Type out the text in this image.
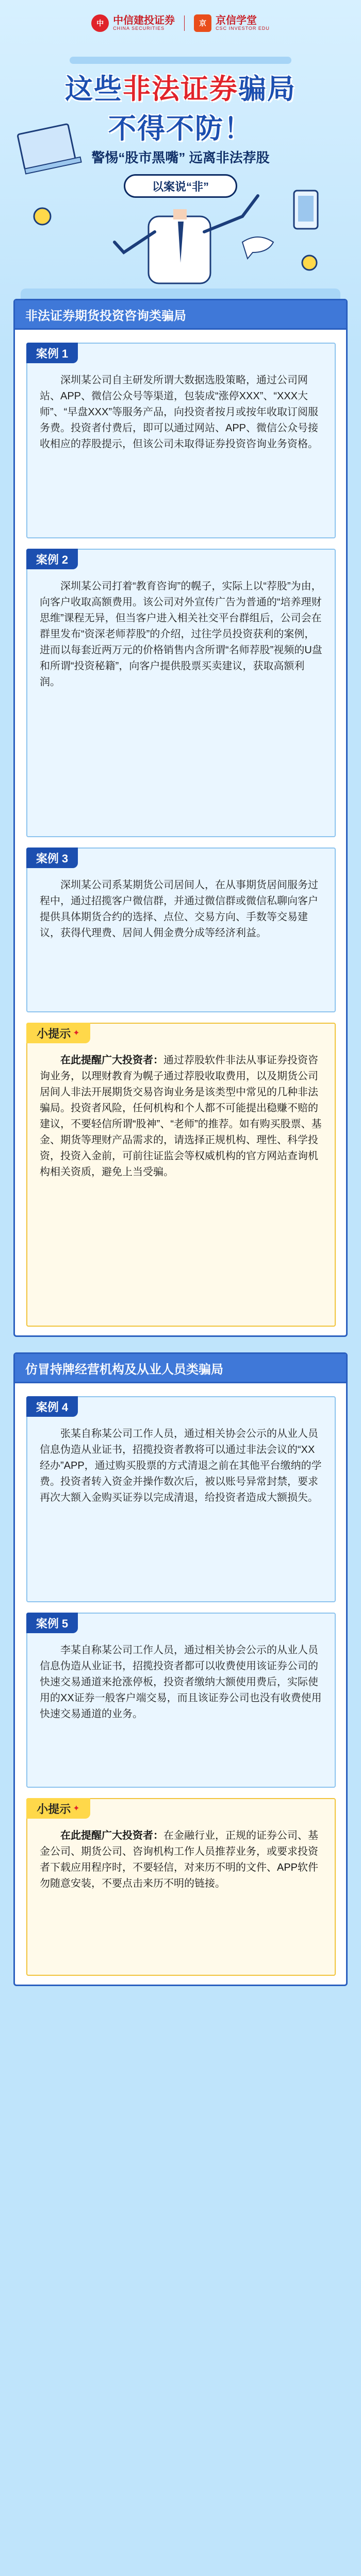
中 中信建投证券
CHINA SECURITIES
京 京信学堂
CSC INVESTOR EDU
这些非法证券骗局
不得不防！
警惕“股市黑嘴” 远离非法荐股
以案说“非”
非法证券期货投资咨询类骗局
案例 1

深圳某公司自主研发所谓大数据选股策略，通过公司网站、APP、微信公众号等渠道，包装成“涨停XXX”、“XXX大师”、“早盘XXX”等服务产品，向投资者按月或按年收取订阅服务费。投资者付费后，即可以通过网站、APP、微信公众号接收相应的荐股提示，但该公司未取得证券投资咨询业务资格。

案例 2

深圳某公司打着“教育咨询”的幌子，实际上以“荐股”为由，向客户收取高额费用。该公司对外宣传广告为普通的“培养理财思维”课程无异，但当客户进入相关社交平台群组后，公司会在群里发布“资深老师荐股”的介绍，过往学员投资获利的案例，进而以每套近两万元的价格销售内含所谓“名师荐股”视频的U盘和所谓“投资秘籍”，向客户提供股票买卖建议，获取高额利润。

案例 3

深圳某公司系某期货公司居间人，在从事期货居间服务过程中，通过招揽客户微信群，并通过微信群或微信私聊向客户提供具体期货合约的选择、点位、交易方向、手数等交易建议，获得代理费、居间人佣金费分成等经济利益。

小提示 ✦

在此提醒广大投资者：通过荐股软件非法从事证券投资咨询业务，以理财教育为幌子通过荐股收取费用，以及期货公司居间人非法开展期货交易咨询业务是该类型中常见的几种非法骗局。投资者风险，任何机构和个人都不可能提出稳赚不赔的建议，不要轻信所谓“股神”、“老师”的推荐。如有购买股票、基金、期货等理财产品需求的，请选择正规机构、理性、科学投资，投资入金前，可前往证监会等权威机构的官方网站查询机构相关资质，避免上当受骗。

仿冒持牌经营机构及从业人员类骗局
案例 4

张某自称某公司工作人员，通过相关协会公示的从业人员信息伪造从业证书，招揽投资者教将可以通过非法会议的“XX经办”APP，通过购买股票的方式清退之前在其他平台缴纳的学费。投资者转入资金并操作数次后，被以账号异常封禁，要求再次大额入金购买证券以完成清退，给投资者造成大额损失。

案例 5

李某自称某公司工作人员，通过相关协会公示的从业人员信息伪造从业证书，招揽投资者都可以收费使用该证券公司的快速交易通道来抢涨停板，投资者缴纳大额使用费后，实际使用的XX证券一般客户端交易，而且该证券公司也没有收费使用快速交易通道的业务。

小提示 ✦

在此提醒广大投资者：在金融行业，正规的证券公司、基金公司、期货公司、咨询机构工作人员推荐业务，或要求投资者下载应用程序时，不要轻信，对来历不明的文件、APP软件勿随意安装，不要点击来历不明的链接。
